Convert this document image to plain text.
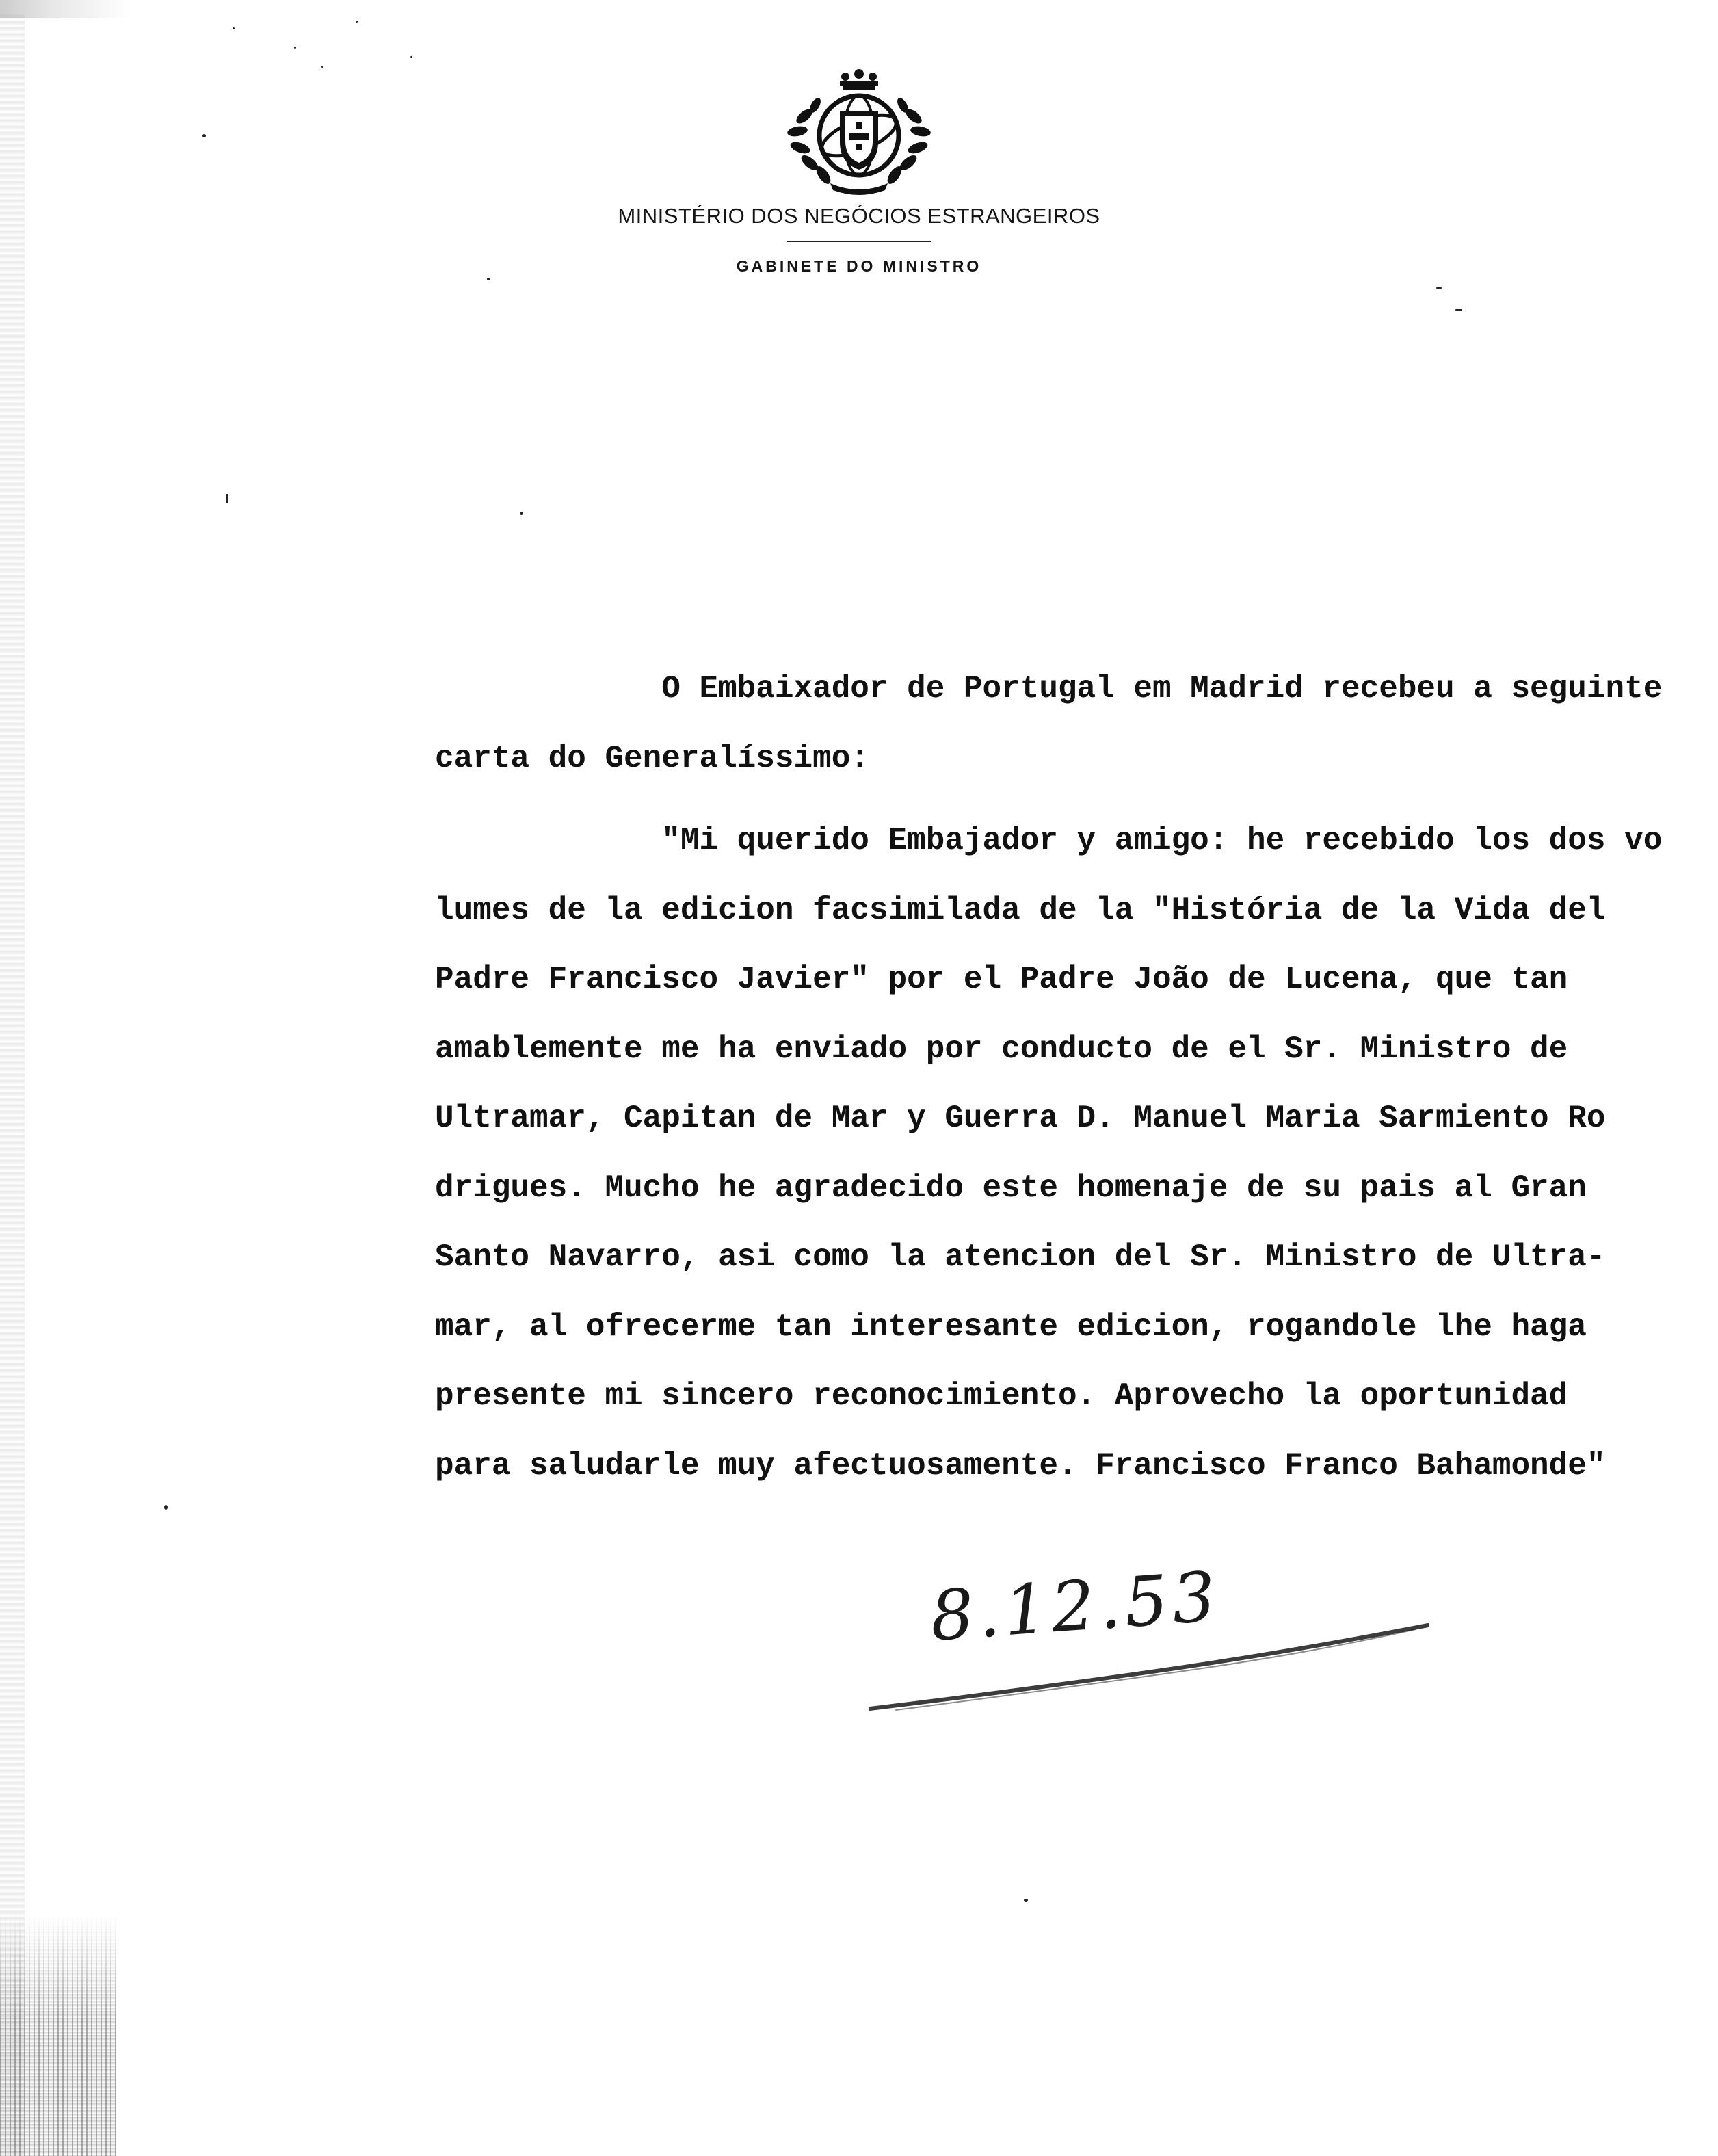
MINISTÉRIO DOS NEGÓCIOS ESTRANGEIROS
GABINETE DO MINISTRO
O Embaixador de Portugal em Madrid recebeu a seguinte
carta do Generalíssimo:
"Mi querido Embajador y amigo: he recebido los dos vo
lumes de la edicion facsimilada de la "História de la Vida del
Padre Francisco Javier" por el Padre João de Lucena, que tan
amablemente me ha enviado por conducto de el Sr. Ministro de
Ultramar, Capitan de Mar y Guerra D. Manuel Maria Sarmiento Ro
drigues. Mucho he agradecido este homenaje de su pais al Gran
Santo Navarro, asi como la atencion del Sr. Ministro de Ultra-
mar, al ofrecerme tan interesante edicion, rogandole lhe haga
presente mi sincero reconocimiento. Aprovecho la oportunidad
para saludarle muy afectuosamente. Francisco Franco Bahamonde"
8.12.53
